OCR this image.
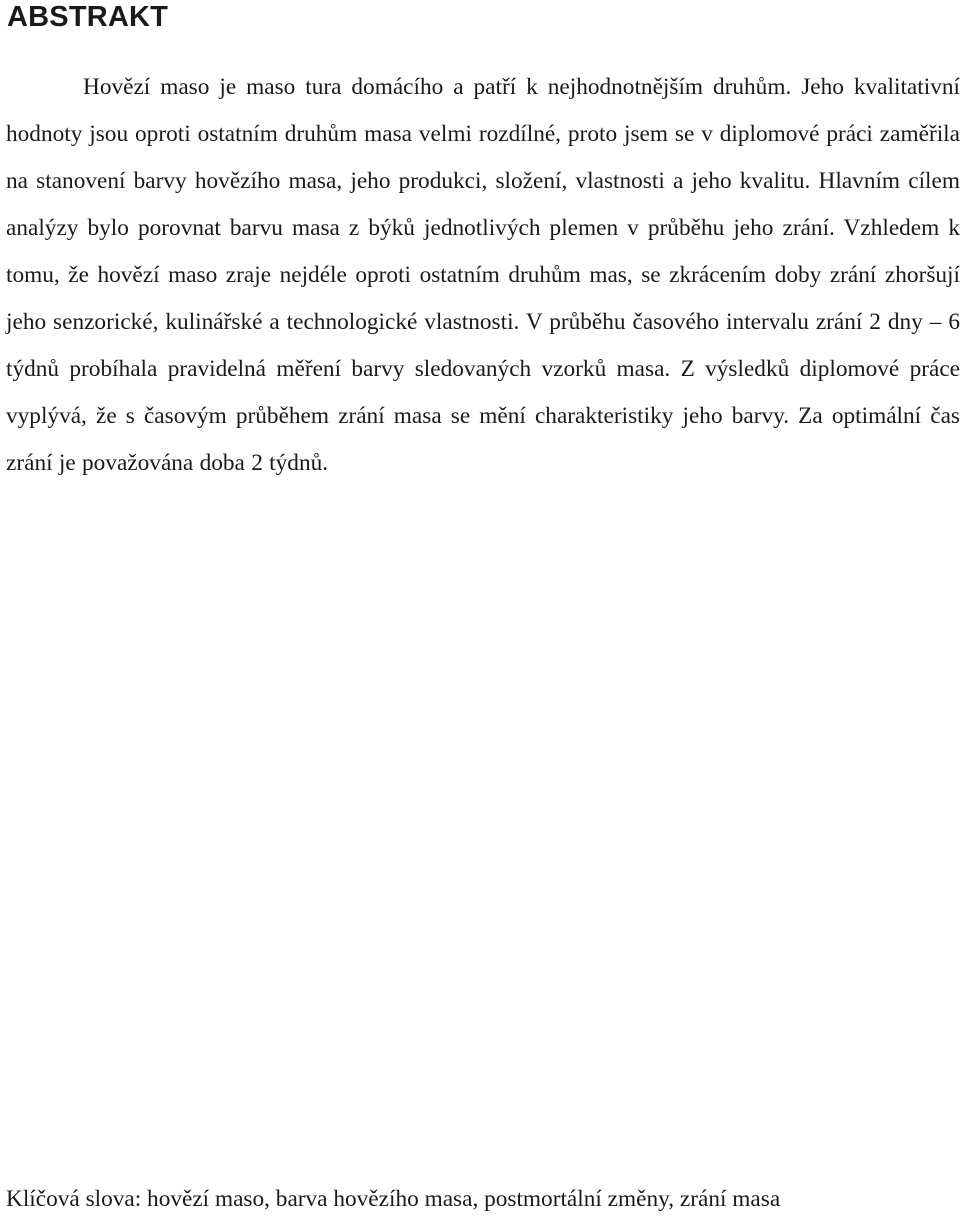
ABSTRAKT

Hovězí maso je maso tura domácího a patří k nejhodnotnějším druhům. Jeho kvalitativní hodnoty jsou oproti ostatním druhům masa velmi rozdílné, proto jsem se v diplomové práci zaměřila na stanovení barvy hovězího masa, jeho produkci, složení, vlastnosti a jeho kvalitu. Hlavním cílem analýzy bylo porovnat barvu masa z býků jednotlivých plemen v průběhu jeho zrání. Vzhledem k tomu, že hovězí maso zraje nejdéle oproti ostatním druhům mas, se zkrácením doby zrání zhoršují jeho senzorické, kulinářské a technologické vlastnosti. V průběhu časového intervalu zrání 2 dny – 6 týdnů probíhala pravidelná měření barvy sledovaných vzorků masa. Z výsledků diplomové práce vyplývá, že s časovým průběhem zrání masa se mění charakteristiky jeho barvy. Za optimální čas zrání je považována doba 2 týdnů.

Klíčová slova: hovězí maso, barva hovězího masa, postmortální změny, zrání masa
